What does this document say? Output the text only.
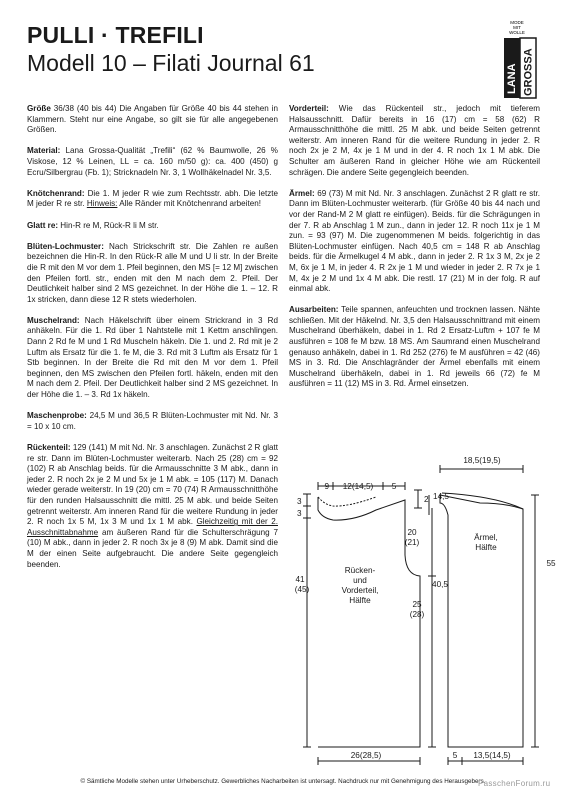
PULLI · TREFILI
Modell 10 – Filati Journal 61
MODE
MIT
WOLLE
LANA GROSSA

Größe 36/38 (40 bis 44) Die Angaben für Größe 40 bis 44 stehen in Klammern. Steht nur eine Angabe, so gilt sie für alle angegebenen Größen.

Material: Lana Grossa-Qualität „Trefili“ (62 % Baumwolle, 26 % Viskose, 12 % Leinen, LL = ca. 160 m/50 g): ca. 400 (450) g Ecru/Silbergrau (Fb. 1); Stricknadeln Nr. 3, 1 Wollhäkelnadel Nr. 3,5.

Knötchenrand: Die 1. M jeder R wie zum Rechtsstr. abh. Die letzte M jeder R re str. Hinweis: Alle Ränder mit Knötchenrand arbeiten!

Glatt re: Hin-R re M, Rück-R li M str.

Blüten-Lochmuster: Nach Strickschrift str. Die Zahlen re außen bezeichnen die Hin-R. In den Rück-R alle M und U li str. In der Breite die R mit den M vor dem 1. Pfeil beginnen, den MS [= 12 M] zwischen den Pfeilen fortl. str., enden mit den M nach dem 2. Pfeil. Der Deutlichkeit halber sind 2 MS gezeichnet. In der Höhe die 1. – 12. R 1x stricken, dann diese 12 R stets wiederholen.

Muschelrand: Nach Häkelschrift über einem Strickrand in 3 Rd anhäkeln. Für die 1. Rd über 1 Nahtstelle mit 1 Kettm anschlingen. Dann 2 Rd fe M und 1 Rd Muscheln häkeln. Die 1. und 2. Rd mit je 2 Luftm als Ersatz für die 1. fe M, die 3. Rd mit 3 Luftm als Ersatz für 1 Stb beginnen. In der Breite die Rd mit den M vor dem 1. Pfeil beginnen, den MS zwischen den Pfeilen fortl. häkeln, enden mit den M nach dem 2. Pfeil. Der Deutlichkeit halber sind 2 MS gezeichnet. In der Höhe die 1. – 3. Rd 1x häkeln.

Maschenprobe: 24,5 M und 36,5 R Blüten-Lochmuster mit Nd. Nr. 3 = 10 x 10 cm.

Rückenteil: 129 (141) M mit Nd. Nr. 3 anschlagen. Zunächst 2 R glatt re str. Dann im Blüten-Lochmuster weiterarb. Nach 25 (28) cm = 92 (102) R ab Anschlag beids. für die Armausschnitte 3 M abk., dann in jeder 2. R noch 2x je 2 M und 5x je 1 M abk. = 105 (117) M. Danach wieder gerade weiterstr. In 19 (20) cm = 70 (74) R Armausschnitthöhe für den runden Halsausschnitt die mittl. 25 M abk. und beide Seiten getrennt weiterstr. Am inneren Rand für die weitere Rundung in jeder 2. R noch 1x 5 M, 1x 3 M und 1x 1 M abk. Gleichzeitig mit der 2. Ausschnittabnahme am äußeren Rand für die Schulterschrägung 7 (10) M abk., dann in jeder 2. R noch 3x je 8 (9) M abk. Damit sind die M der einen Seite aufgebraucht. Die andere Seite gegengleich beenden.

Vorderteil: Wie das Rückenteil str., jedoch mit tieferem Halsausschnitt. Dafür bereits in 16 (17) cm = 58 (62) R Armausschnitthöhe die mittl. 25 M abk. und beide Seiten getrennt weiterstr. Am inneren Rand für die weitere Rundung in jeder 2. R noch 2x je 2 M, 4x je 1 M und in der 4. R noch 1x 1 M abk. Die Schulter am äußeren Rand in gleicher Höhe wie am Rückenteil schrägen. Die andere Seite gegengleich beenden.

Ärmel: 69 (73) M mit Nd. Nr. 3 anschlagen. Zunächst 2 R glatt re str. Dann im Blüten-Lochmuster weiterarb. (für Größe 40 bis 44 nach und vor der Rand-M 2 M glatt re einfügen). Beids. für die Schrägungen in der 7. R ab Anschlag 1 M zun., dann in jeder 12. R noch 11x je 1 M zun. = 93 (97) M. Die zugenommenen M beids. folgerichtig in das Blüten-Lochmuster einfügen. Nach 40,5 cm = 148 R ab Anschlag beids. für die Ärmelkugel 4 M abk., dann in jeder 2. R 1x 3 M, 2x je 2 M, 6x je 1 M, in jeder 4. R 2x je 1 M und wieder in jeder 2. R 7x je 1 M, 4x je 2 M und 1x 4 M abk. Die restl. 17 (21) M in der folg. R auf einmal abk.

Ausarbeiten: Teile spannen, anfeuchten und trocknen lassen. Nähte schließen. Mit der Häkelnd. Nr. 3,5 den Halsausschnittrand mit einem Muschelrand überhäkeln, dabei in 1. Rd 2 Ersatz-Luftm + 107 fe M ausführen = 108 fe M bzw. 18 MS. Am Saumrand einen Muschelrand genauso anhäkeln, dabei in 1. Rd 252 (276) fe M ausführen = 42 (46) MS in 3. Rd. Die Anschlagränder der Ärmel ebenfalls mit einem Muschelrand überhäkeln, dabei in 1. Rd jeweils 66 (72) fe M ausführen = 11 (12) MS in 3. Rd. Ärmel einsetzen.

9 12(14,5) 5
2
3
3
20
(21)
41
(45)
25
(28)
26(28,5)
Rücken-
und
Vorderteil,
Hälfte
Ärmel,
Hälfte
18,5(19,5)
14,5
40,5
55
5 13,5(14,5)
© Sämtliche Modelle stehen unter Urheberschutz. Gewerbliches Nacharbeiten ist untersagt. Nachdruck nur mit Genehmigung des Herausgebers.
PasschenForum.ru
